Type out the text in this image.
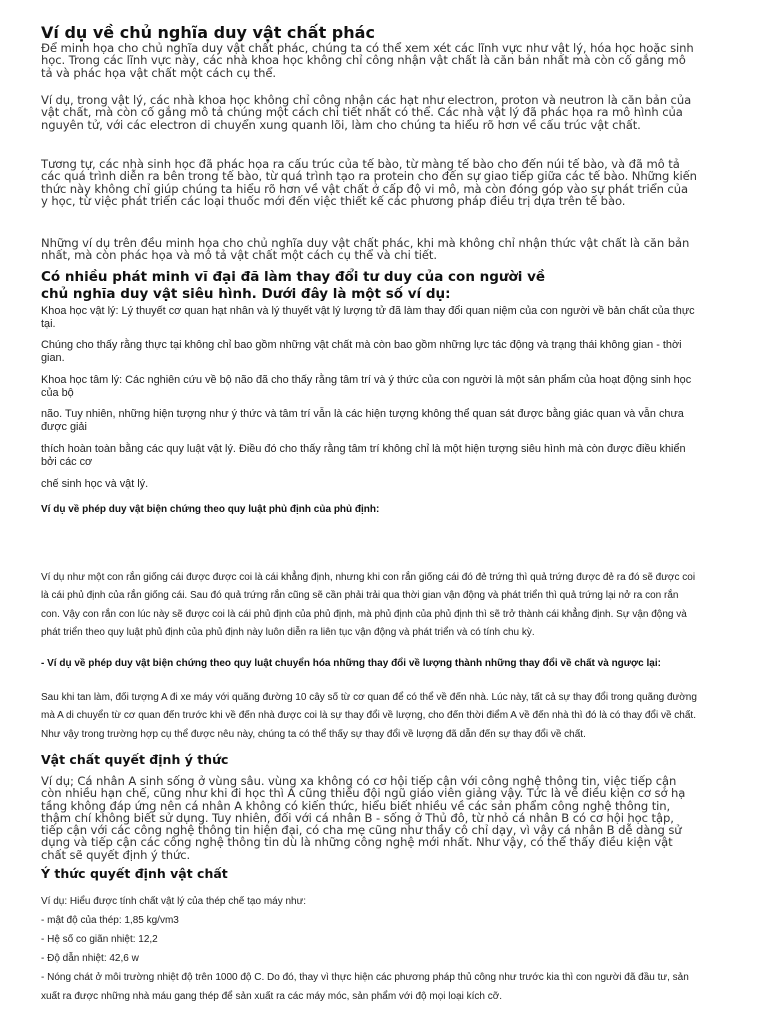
Ví dụ về chủ nghĩa duy vật chất phác

Để minh họa cho chủ nghĩa duy vật chất phác, chúng ta có thể xem xét các lĩnh vực như vật lý, hóa học hoặc sinh học. Trong các lĩnh vực này, các nhà khoa học không chỉ công nhận vật chất là căn bản nhất mà còn cố gắng mô tả và phác họa vật chất một cách cụ thể.

Ví dụ, trong vật lý, các nhà khoa học không chỉ công nhận các hạt như electron, proton và neutron là căn bản của vật chất, mà còn cố gắng mô tả chúng một cách chi tiết nhất có thể. Các nhà vật lý đã phác họa ra mô hình của nguyên tử, với các electron di chuyển xung quanh lõi, làm cho chúng ta hiểu rõ hơn về cấu trúc vật chất.

Tương tự, các nhà sinh học đã phác họa ra cấu trúc của tế bào, từ màng tế bào cho đến núi tế bào, và đã mô tả các quá trình diễn ra bên trong tế bào, từ quá trình tạo ra protein cho đến sự giao tiếp giữa các tế bào. Những kiến thức này không chỉ giúp chúng ta hiểu rõ hơn về vật chất ở cấp độ vi mô, mà còn đóng góp vào sự phát triển của y học, từ việc phát triển các loại thuốc mới đến việc thiết kế các phương pháp điều trị dựa trên tế bào.

Những ví dụ trên đều minh họa cho chủ nghĩa duy vật chất phác, khi mà không chỉ nhận thức vật chất là căn bản nhất, mà còn phác họa và mô tả vật chất một cách cụ thể và chi tiết.

Có nhiều phát minh vĩ đại đã làm thay đổi tư duy của con người về chủ nghĩa duy vật siêu hình. Dưới đây là một số ví dụ:

Khoa học vật lý: Lý thuyết cơ quan hạt nhân và lý thuyết vật lý lượng tử đã làm thay đổi quan niệm của con người về bản chất của thực tại.

Chúng cho thấy rằng thực tại không chỉ bao gồm những vật chất mà còn bao gồm những lực tác động và trạng thái không gian - thời gian.

Khoa học tâm lý: Các nghiên cứu về bộ não đã cho thấy rằng tâm trí và ý thức của con người là một sản phẩm của hoạt động sinh học của bộ

não. Tuy nhiên, những hiện tượng như ý thức và tâm trí vẫn là các hiện tượng không thể quan sát được bằng giác quan và vẫn chưa được giải

thích hoàn toàn bằng các quy luật vật lý. Điều đó cho thấy rằng tâm trí không chỉ là một hiện tượng siêu hình mà còn được điều khiển bởi các cơ

chế sinh học và vật lý.

Ví dụ về phép duy vật biện chứng theo quy luật phủ định của phủ định:

Ví dụ như một con rắn giống cái được được coi là cái khẳng định, nhưng khi con rắn giống cái đó đẻ trứng thì quả trứng được đẻ ra đó sẽ được coi là cái phủ định của rắn giống cái. Sau đó quả trứng rắn cũng sẽ cần phải trải qua thời gian vận động và phát triển thì quả trứng lại nở ra con rắn con. Vậy con rắn con lúc này sẽ được coi là cái phủ định của phủ định, mà phủ định của phủ định thì sẽ trở thành cái khẳng định. Sự vận động và phát triển theo quy luật phủ định của phủ định này luôn diễn ra liên tục vận động và phát triển và có tính chu kỳ.

- Ví dụ về phép duy vật biện chứng theo quy luật chuyển hóa những thay đổi về lượng thành những thay đổi về chất và ngược lại:

Sau khi tan làm, đối tượng A đi xe máy với quãng đường 10 cây số từ cơ quan để có thể về đến nhà. Lúc này, tất cả sự thay đổi trong quãng đường mà A di chuyển từ cơ quan đến trước khi về đến nhà được coi là sự thay đổi về lượng, cho đến thời điểm A về đến nhà thì đó là có thay đổi về chất. Như vậy trong trường hợp cụ thể được nêu này, chúng ta có thể thấy sự thay đổi về lượng đã dẫn đến sự thay đổi về chất.

Vật chất quyết định ý thức

Ví dụ; Cá nhân A sinh sống ở vùng sâu. vùng xa không có cơ hội tiếp cận với công nghệ thông tin, việc tiếp cận còn nhiều hạn chế, cũng như khi đi học thì A cũng thiếu đội ngũ giáo viên giảng vậy. Tức là về điều kiện cơ sở hạ tầng không đáp ứng nên cá nhân A không có kiến thức, hiểu biết nhiều về các sản phẩm công nghệ thông tin, thậm chí không biết sử dụng. Tuy nhiên, đối với cá nhân B - sống ở Thủ đô, từ nhỏ cá nhân B có cơ hội học tập, tiếp cận với các công nghệ thông tin hiện đại, có cha mẹ cũng như thầy cô chỉ dạy, vì vậy cá nhân B dễ dàng sử dụng và tiếp cận các công nghệ thông tin dù là những công nghệ mới nhất. Như vậy, có thể thấy điều kiện vật chất sẽ quyết định ý thức.

Ý thức quyết định vật chất
Ví dụ: Hiểu được tính chất vật lý của thép chế tạo máy như:
- mật độ của thép: 1,85 kg/vm3
- Hệ số co giãn nhiệt: 12,2
- Độ dẫn nhiệt: 42,6 w
- Nóng chát ở môi trường nhiệt độ trên 1000 độ C. Do đó, thay vì thực hiện các phương pháp thủ công như trước kia thì con người đã đầu tư, sản xuất ra được những nhà máu gang thép để sản xuất ra các máy móc, sản phẩm với độ mọi loại kích cỡ.
